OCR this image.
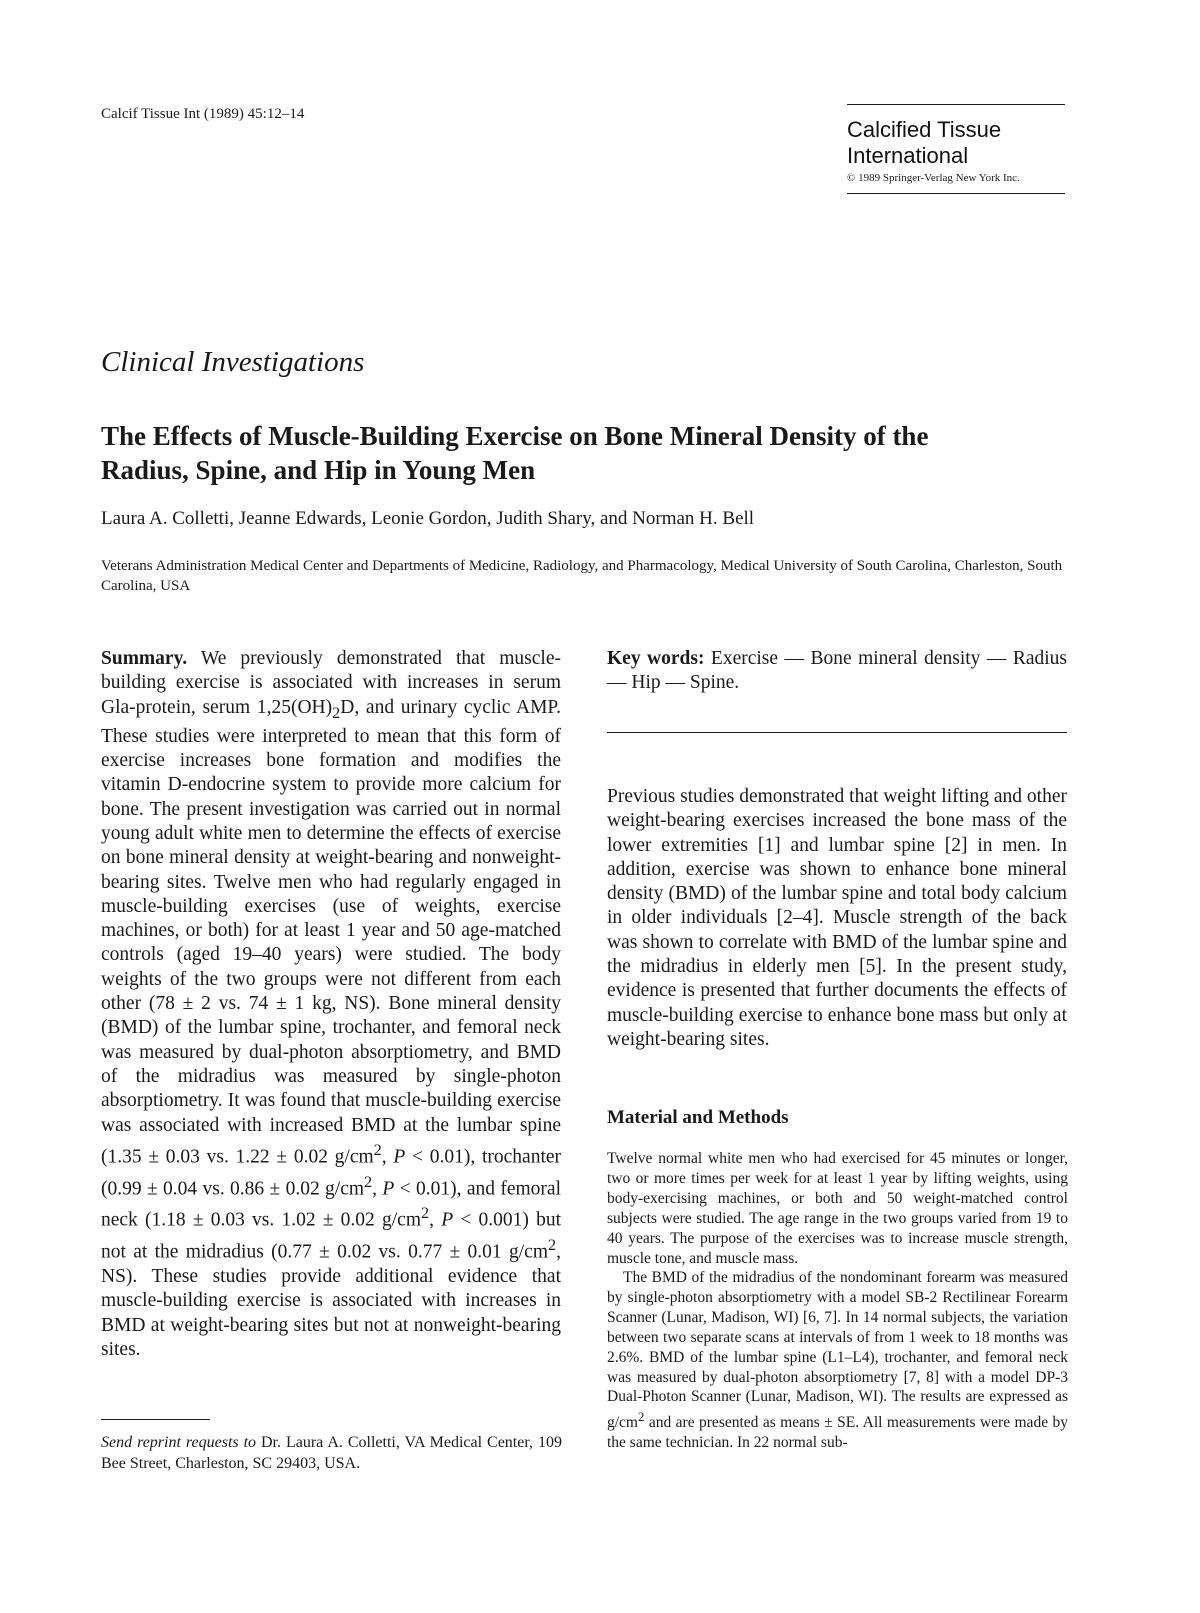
Calcif Tissue Int (1989) 45:12–14
Calcified Tissue
International
© 1989 Springer-Verlag New York Inc.
Clinical Investigations
The Effects of Muscle-Building Exercise on Bone Mineral Density of the
Radius, Spine, and Hip in Young Men
Laura A. Colletti, Jeanne Edwards, Leonie Gordon, Judith Shary, and Norman H. Bell
Veterans Administration Medical Center and Departments of Medicine, Radiology, and Pharmacology, Medical University of South Carolina, Charleston, South Carolina, USA
Summary. We previously demonstrated that muscle-building exercise is associated with increases in serum Gla-protein, serum $1,25(OH)_2D$, and urinary cyclic AMP. These studies were interpreted to mean that this form of exercise increases bone formation and modifies the vitamin D-endocrine system to provide more calcium for bone. The present investigation was carried out in normal young adult white men to determine the effects of exercise on bone mineral density at weight-bearing and nonweight-bearing sites. Twelve men who had regularly engaged in muscle-building exercises (use of weights, exercise machines, or both) for at least 1 year and 50 age-matched controls (aged 19–40 years) were studied. The body weights of the two groups were not different from each other (78 ± 2 vs. 74 ± 1 kg, NS). Bone mineral density (BMD) of the lumbar spine, trochanter, and femoral neck was measured by dual-photon absorptiometry, and BMD of the midradius was measured by single-photon absorptiometry. It was found that muscle-building exercise was associated with increased BMD at the lumbar spine (1.35 ± 0.03 vs. 1.22 ± 0.02 $g/cm^2$, P < 0.01), trochanter (0.99 ± 0.04 vs. 0.86 ± 0.02 $g/cm^2$, P < 0.01), and femoral neck (1.18 ± 0.03 vs. 1.02 ± 0.02 $g/cm^2$, P < 0.001) but not at the midradius (0.77 ± 0.02 vs. 0.77 ± 0.01 $g/cm^2$, NS). These studies provide additional evidence that muscle-building exercise is associated with increases in BMD at weight-bearing sites but not at nonweight-bearing sites.
Key words: Exercise — Bone mineral density — Radius — Hip — Spine.
Previous studies demonstrated that weight lifting and other weight-bearing exercises increased the bone mass of the lower extremities [1] and lumbar spine [2] in men. In addition, exercise was shown to enhance bone mineral density (BMD) of the lumbar spine and total body calcium in older individuals [2–4]. Muscle strength of the back was shown to correlate with BMD of the lumbar spine and the midradius in elderly men [5]. In the present study, evidence is presented that further documents the effects of muscle-building exercise to enhance bone mass but only at weight-bearing sites.
Material and Methods
Twelve normal white men who had exercised for 45 minutes or longer, two or more times per week for at least 1 year by lifting weights, using body-exercising machines, or both and 50 weight-matched control subjects were studied. The age range in the two groups varied from 19 to 40 years. The purpose of the exercises was to increase muscle strength, muscle tone, and muscle mass.
The BMD of the midradius of the nondominant forearm was measured by single-photon absorptiometry with a model SB-2 Rectilinear Forearm Scanner (Lunar, Madison, WI) [6, 7]. In 14 normal subjects, the variation between two separate scans at intervals of from 1 week to 18 months was 2.6%. BMD of the lumbar spine (L1–L4), trochanter, and femoral neck was measured by dual-photon absorptiometry [7, 8] with a model DP-3 Dual-Photon Scanner (Lunar, Madison, WI). The results are expressed as $g/cm^2$ and are presented as means ± SE. All measurements were made by the same technician. In 22 normal sub-
Send reprint requests to Dr. Laura A. Colletti, VA Medical Center, 109 Bee Street, Charleston, SC 29403, USA.
